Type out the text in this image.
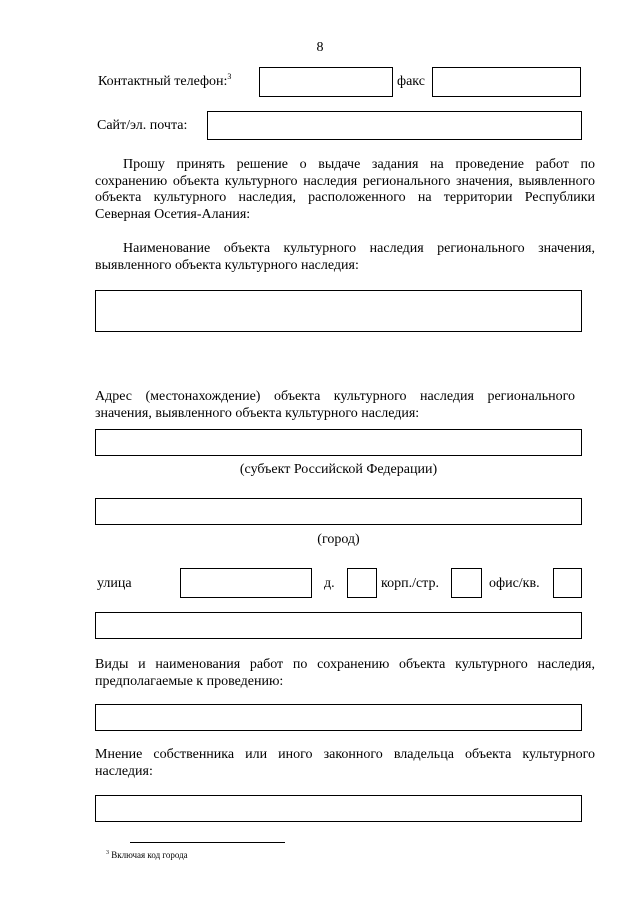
8
Контактный телефон:$^3$	факс
Сайт/эл. почта:
Прошу принять решение о выдаче задания на проведение работ по сохранению объекта культурного наследия регионального значения, выявленного объекта культурного наследия, расположенного на территории Республики Северная Осетия-Алания:
Наименование объекта культурного наследия регионального значения, выявленного объекта культурного наследия:
Адрес (местонахождение) объекта культурного наследия регионального значения, выявленного объекта культурного наследия:
(субъект Российской Федерации)
(город)
улица	д.	корп./стр.	офис/кв.
Виды и наименования работ по сохранению объекта культурного наследия, предполагаемые к проведению:
Мнение собственника или иного законного владельца объекта культурного наследия:
$^3$ Включая код города
